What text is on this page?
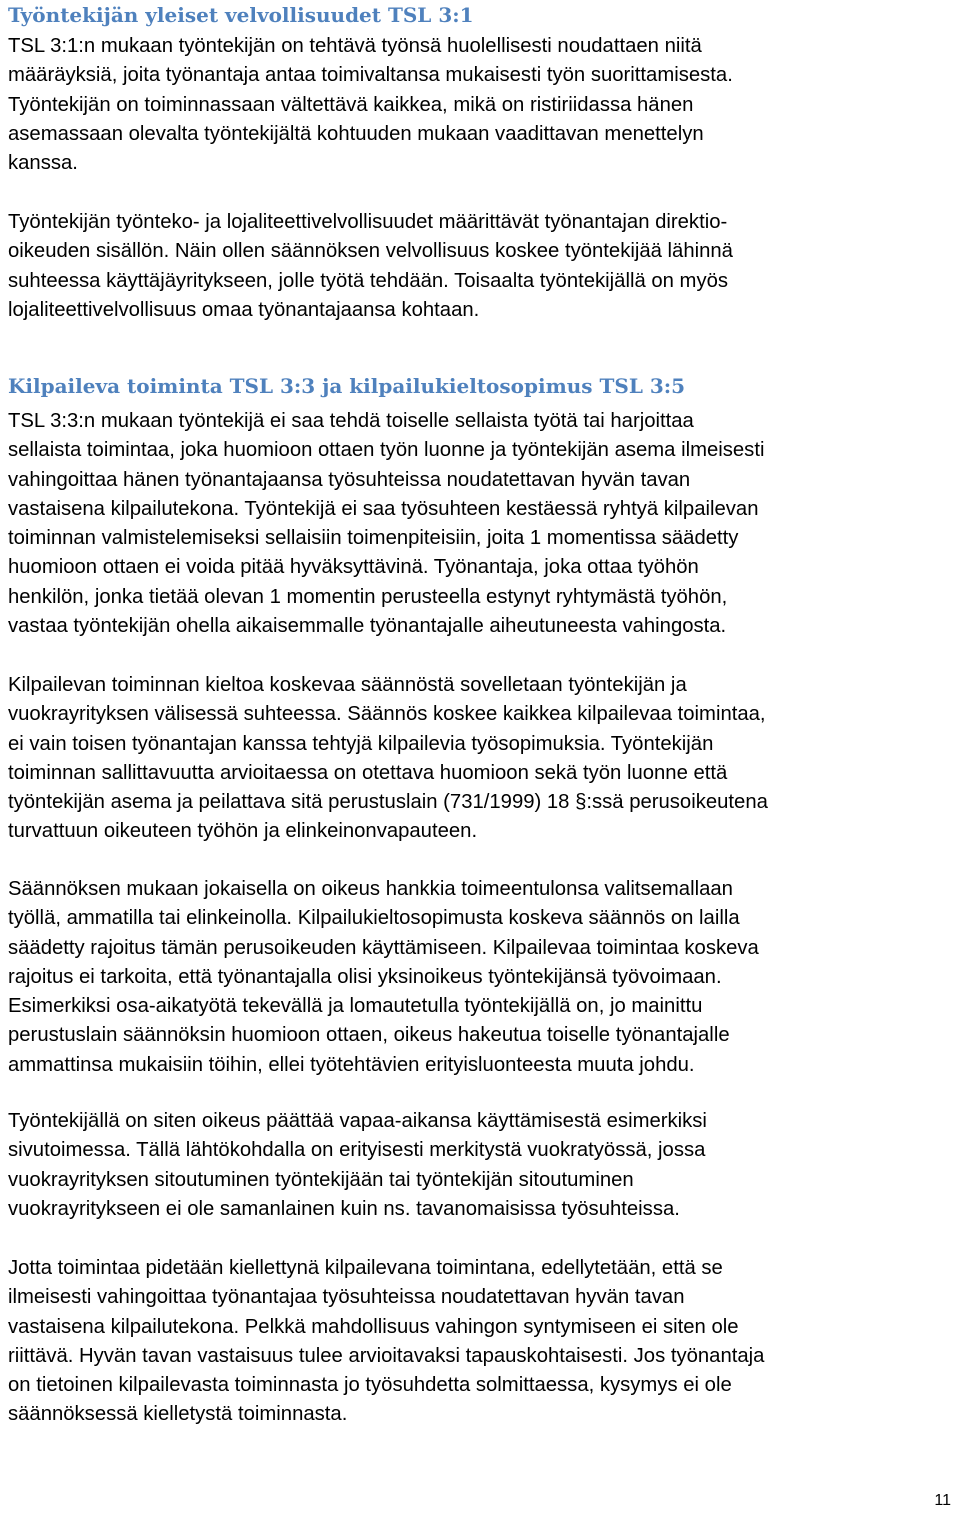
Työntekijän yleiset velvollisuudet TSL 3:1

TSL 3:1:n mukaan työntekijän on tehtävä työnsä huolellisesti noudattaen niitä
määräyksiä, joita työnantaja antaa toimivaltansa mukaisesti työn suorittamisesta.
Työntekijän on toiminnassaan vältettävä kaikkea, mikä on ristiriidassa hänen
asemassaan olevalta työntekijältä kohtuuden mukaan vaadittavan menettelyn
kanssa.

Työntekijän työnteko- ja lojaliteettivelvollisuudet määrittävät työnantajan direktio-
oikeuden sisällön. Näin ollen säännöksen velvollisuus koskee työntekijää lähinnä
suhteessa käyttäjäyritykseen, jolle työtä tehdään. Toisaalta työntekijällä on myös
lojaliteettivelvollisuus omaa työnantajaansa kohtaan.

Kilpaileva toiminta TSL 3:3 ja kilpailukieltosopimus TSL 3:5

TSL 3:3:n mukaan työntekijä ei saa tehdä toiselle sellaista työtä tai harjoittaa
sellaista toimintaa, joka huomioon ottaen työn luonne ja työntekijän asema ilmeisesti
vahingoittaa hänen työnantajaansa työsuhteissa noudatettavan hyvän tavan
vastaisena kilpailutekona. Työntekijä ei saa työsuhteen kestäessä ryhtyä kilpailevan
toiminnan valmistelemiseksi sellaisiin toimenpiteisiin, joita 1 momentissa säädetty
huomioon ottaen ei voida pitää hyväksyttävinä. Työnantaja, joka ottaa työhön
henkilön, jonka tietää olevan 1 momentin perusteella estynyt ryhtymästä työhön,
vastaa työntekijän ohella aikaisemmalle työnantajalle aiheutuneesta vahingosta.

Kilpailevan toiminnan kieltoa koskevaa säännöstä sovelletaan työntekijän ja
vuokrayrityksen välisessä suhteessa. Säännös koskee kaikkea kilpailevaa toimintaa,
ei vain toisen työnantajan kanssa tehtyjä kilpailevia työsopimuksia. Työntekijän
toiminnan sallittavuutta arvioitaessa on otettava huomioon sekä työn luonne että
työntekijän asema ja peilattava sitä perustuslain (731/1999) 18 §:ssä perusoikeutena
turvattuun oikeuteen työhön ja elinkeinonvapauteen.

Säännöksen mukaan jokaisella on oikeus hankkia toimeentulonsa valitsemallaan
työllä, ammatilla tai elinkeinolla. Kilpailukieltosopimusta koskeva säännös on lailla
säädetty rajoitus tämän perusoikeuden käyttämiseen. Kilpailevaa toimintaa koskeva
rajoitus ei tarkoita, että työnantajalla olisi yksinoikeus työntekijänsä työvoimaan.
Esimerkiksi osa-aikatyötä tekevällä ja lomautetulla työntekijällä on, jo mainittu
perustuslain säännöksin huomioon ottaen, oikeus hakeutua toiselle työnantajalle
ammattinsa mukaisiin töihin, ellei työtehtävien erityisluonteesta muuta johdu.

Työntekijällä on siten oikeus päättää vapaa-aikansa käyttämisestä esimerkiksi
sivutoimessa. Tällä lähtökohdalla on erityisesti merkitystä vuokratyössä, jossa
vuokrayrityksen sitoutuminen työntekijään tai työntekijän sitoutuminen
vuokrayritykseen ei ole samanlainen kuin ns. tavanomaisissa työsuhteissa.

Jotta toimintaa pidetään kiellettynä kilpailevana toimintana, edellytetään, että se
ilmeisesti vahingoittaa työnantajaa työsuhteissa noudatettavan hyvän tavan
vastaisena kilpailutekona. Pelkkä mahdollisuus vahingon syntymiseen ei siten ole
riittävä. Hyvän tavan vastaisuus tulee arvioitavaksi tapauskohtaisesti. Jos työnantaja
on tietoinen kilpailevasta toiminnasta jo työsuhdetta solmittaessa, kysymys ei ole
säännöksessä kielletystä toiminnasta.

11
